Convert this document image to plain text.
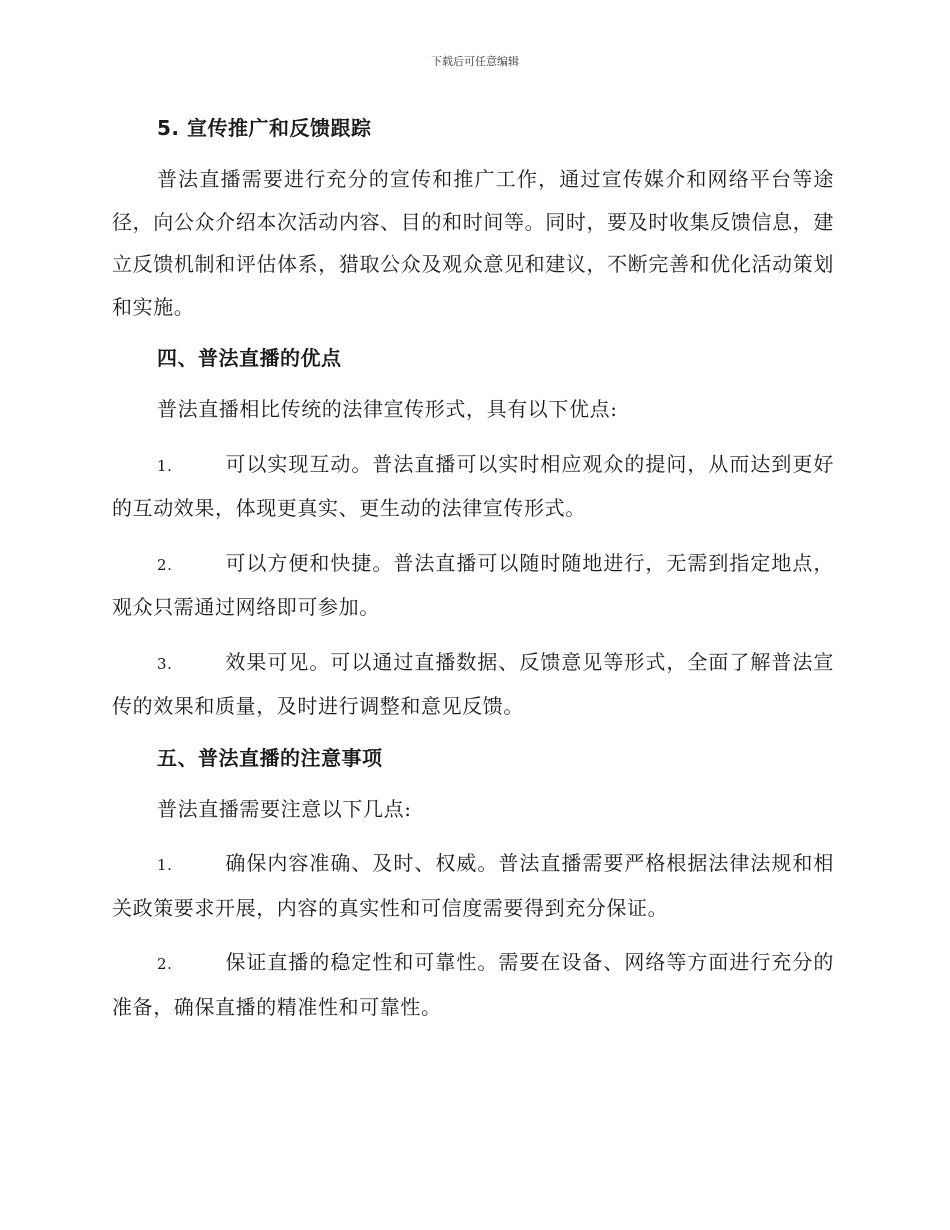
下载后可任意编辑
5. 宣传推广和反馈跟踪

普法直播需要进行充分的宣传和推广工作，通过宣传媒介和网络平台等途径，向公众介绍本次活动内容、目的和时间等。同时，要及时收集反馈信息，建立反馈机制和评估体系，猎取公众及观众意见和建议，不断完善和优化活动策划和实施。

四、普法直播的优点

普法直播相比传统的法律宣传形式，具有以下优点:

1.	可以实现互动。普法直播可以实时相应观众的提问，从而达到更好的互动效果，体现更真实、更生动的法律宣传形式。

2.	可以方便和快捷。普法直播可以随时随地进行，无需到指定地点，观众只需通过网络即可参加。

3.	效果可见。可以通过直播数据、反馈意见等形式，全面了解普法宣传的效果和质量，及时进行调整和意见反馈。

五、普法直播的注意事项

普法直播需要注意以下几点:

1.	确保内容准确、及时、权威。普法直播需要严格根据法律法规和相关政策要求开展，内容的真实性和可信度需要得到充分保证。

2.	保证直播的稳定性和可靠性。需要在设备、网络等方面进行充分的准备，确保直播的精准性和可靠性。
